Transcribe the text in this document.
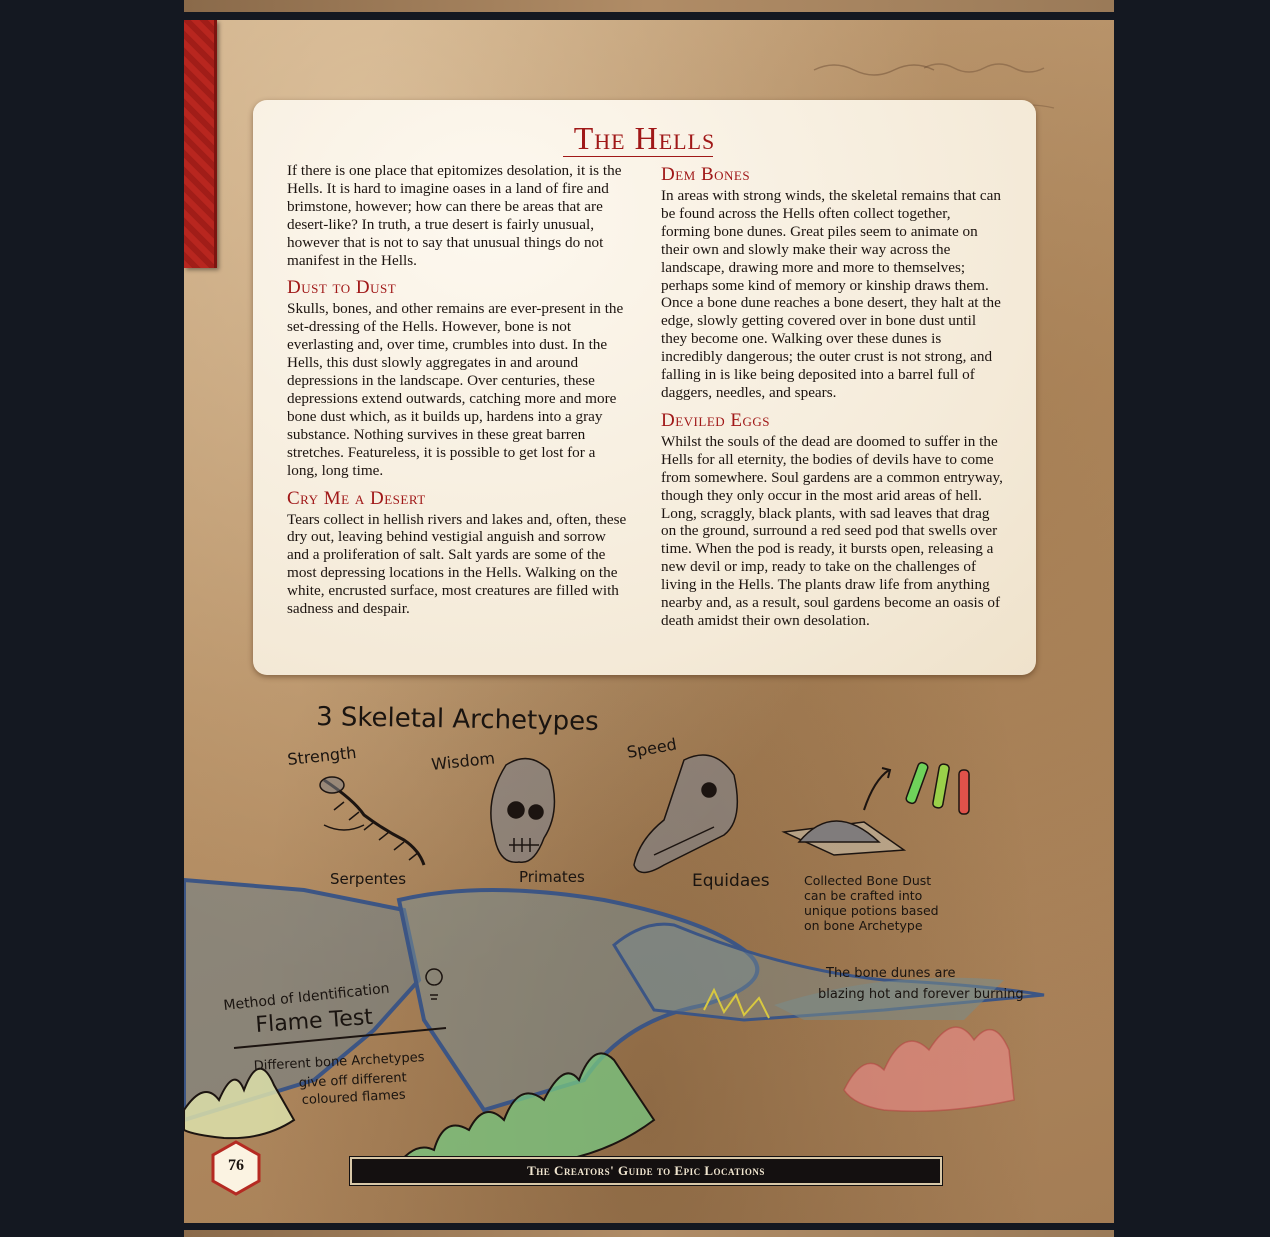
The Hells

If there is one place that epitomizes desolation, it is the Hells. It is hard to imagine oases in a land of fire and brimstone, however; how can there be areas that are desert-like? In truth, a true desert is fairly unusual, however that is not to say that unusual things do not manifest in the Hells.

Dust to Dust

Skulls, bones, and other remains are ever-present in the set-dressing of the Hells. However, bone is not everlasting and, over time, crumbles into dust. In the Hells, this dust slowly aggregates in and around depressions in the landscape. Over centuries, these depressions extend outwards, catching more and more bone dust which, as it builds up, hardens into a gray substance. Nothing survives in these great barren stretches. Featureless, it is possible to get lost for a long, long time.

Cry Me a Desert

Tears collect in hellish rivers and lakes and, often, these dry out, leaving behind vestigial anguish and sorrow and a proliferation of salt. Salt yards are some of the most depressing locations in the Hells. Walking on the white, encrusted surface, most creatures are filled with sadness and despair.

Dem Bones

In areas with strong winds, the skeletal remains that can be found across the Hells often collect together, forming bone dunes. Great piles seem to animate on their own and slowly make their way across the landscape, drawing more and more to themselves; perhaps some kind of memory or kinship draws them. Once a bone dune reaches a bone desert, they halt at the edge, slowly getting covered over in bone dust until they become one. Walking over these dunes is incredibly dangerous; the outer crust is not strong, and falling in is like being deposited into a barrel full of daggers, needles, and spears.

Deviled Eggs

Whilst the souls of the dead are doomed to suffer in the Hells for all eternity, the bodies of devils have to come from somewhere. Soul gardens are a common entryway, though they only occur in the most arid areas of hell. Long, scraggly, black plants, with sad leaves that drag on the ground, surround a red seed pod that swells over time. When the pod is ready, it bursts open, releasing a new devil or imp, ready to take on the challenges of living in the Hells. The plants draw life from anything nearby and, as a result, soul gardens become an oasis of death amidst their own desolation.

3 Skeletal Archetypes
Strength	Wisdom	Speed
Serpentes	Primates	Equidaes	Collected Bone Dust
can be crafted into
unique potions based
on bone Archetype
The bone dunes are
blazing hot and forever burning
Method of Identification
Flame Test
Different bone Archetypes
give off different
coloured flames
76	The Creators' Guide to Epic Locations
